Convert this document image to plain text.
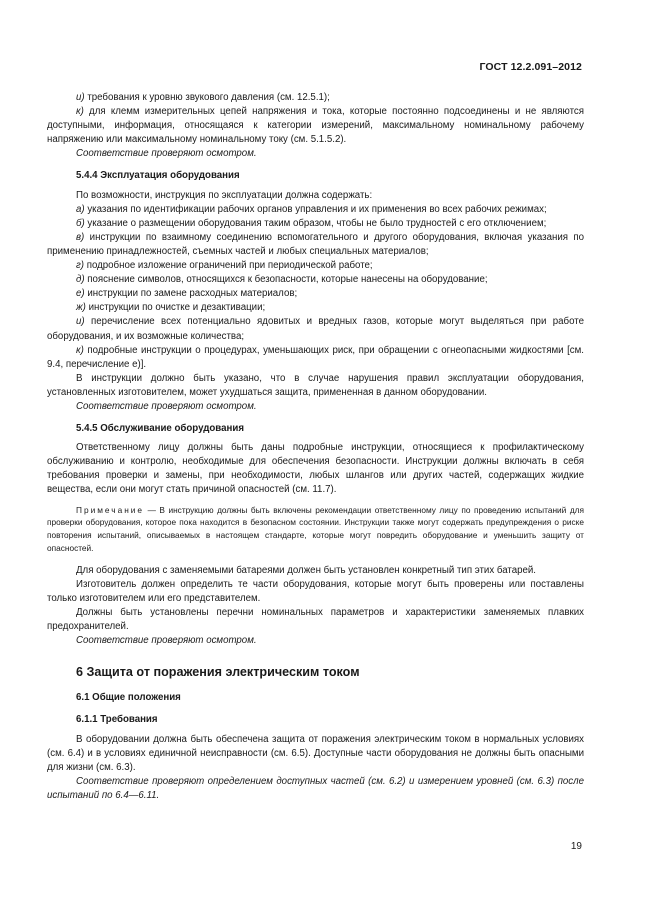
ГОСТ 12.2.091–2012

и) требования к уровню звукового давления (см. 12.5.1);

к) для клемм измерительных цепей напряжения и тока, которые постоянно подсоединены и не являются доступными, информация, относящаяся к категории измерений, максимальному номинальному рабочему напряжению или максимальному номинальному току (см. 5.1.5.2).

Соответствие проверяют осмотром.

5.4.4 Эксплуатация оборудования

По возможности, инструкция по эксплуатации должна содержать:

а) указания по идентификации рабочих органов управления и их применения во всех рабочих режимах;

б) указание о размещении оборудования таким образом, чтобы не было трудностей с его отключением;

в) инструкции по взаимному соединению вспомогательного и другого оборудования, включая указания по применению принадлежностей, съемных частей и любых специальных материалов;

г) подробное изложение ограничений при периодической работе;

д) пояснение символов, относящихся к безопасности, которые нанесены на оборудование;

е) инструкции по замене расходных материалов;

ж) инструкции по очистке и дезактивации;

и) перечисление всех потенциально ядовитых и вредных газов, которые могут выделяться при работе оборудования, и их возможные количества;

к) подробные инструкции о процедурах, уменьшающих риск, при обращении с огнеопасными жидкостями [см. 9.4, перечисление е)].

В инструкции должно быть указано, что в случае нарушения правил эксплуатации оборудования, установленных изготовителем, может ухудшаться защита, примененная в данном оборудовании.

Соответствие проверяют осмотром.

5.4.5 Обслуживание оборудования

Ответственному лицу должны быть даны подробные инструкции, относящиеся к профилактическому обслуживанию и контролю, необходимые для обеспечения безопасности. Инструкции должны включать в себя требования проверки и замены, при необходимости, любых шлангов или других частей, содержащих жидкие вещества, если они могут стать причиной опасностей (см. 11.7).

Примечание — В инструкцию должны быть включены рекомендации ответственному лицу по проведению испытаний для проверки оборудования, которое пока находится в безопасном состоянии. Инструкции также могут содержать предупреждения о риске повторения испытаний, описываемых в настоящем стандарте, которые могут повредить оборудование и уменьшить защиту от опасностей.

Для оборудования с заменяемыми батареями должен быть установлен конкретный тип этих батарей.

Изготовитель должен определить те части оборудования, которые могут быть проверены или поставлены только изготовителем или его представителем.

Должны быть установлены перечни номинальных параметров и характеристики заменяемых плавких предохранителей.

Соответствие проверяют осмотром.

6 Защита от поражения электрическим током

6.1 Общие положения

6.1.1 Требования

В оборудовании должна быть обеспечена защита от поражения электрическим током в нормальных условиях (см. 6.4) и в условиях единичной неисправности (см. 6.5). Доступные части оборудования не должны быть опасными для жизни (см. 6.3).

Соответствие проверяют определением доступных частей (см. 6.2) и измерением уровней (см. 6.3) после испытаний по 6.4—6.11.

19
